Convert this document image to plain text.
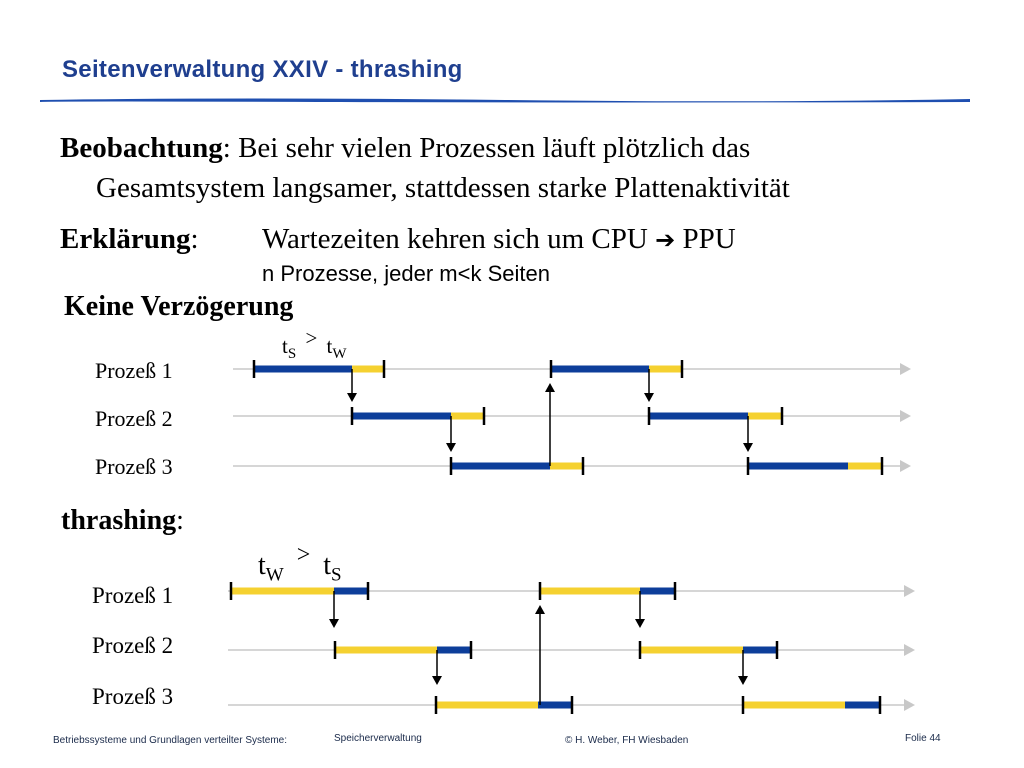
Seitenverwaltung XXIV - thrashing
Beobachtung: Bei sehr vielen Prozessen läuft plötzlich das
Gesamtsystem langsamer, stattdessen starke Plattenaktivität
Erklärung: Wartezeiten kehren sich um CPU ➔ PPU
n Prozesse, jeder m<k Seiten
Keine Verzögerung
$t_S > t_W$
Prozeß 1
Prozeß 2
Prozeß 3
thrashing:
$t_W > t_S$
Prozeß 1
Prozeß 2
Prozeß 3
Betriebssysteme und Grundlagen verteilter Systeme:	Speicherverwaltung	© H. Weber, FH Wiesbaden	Folie 44
